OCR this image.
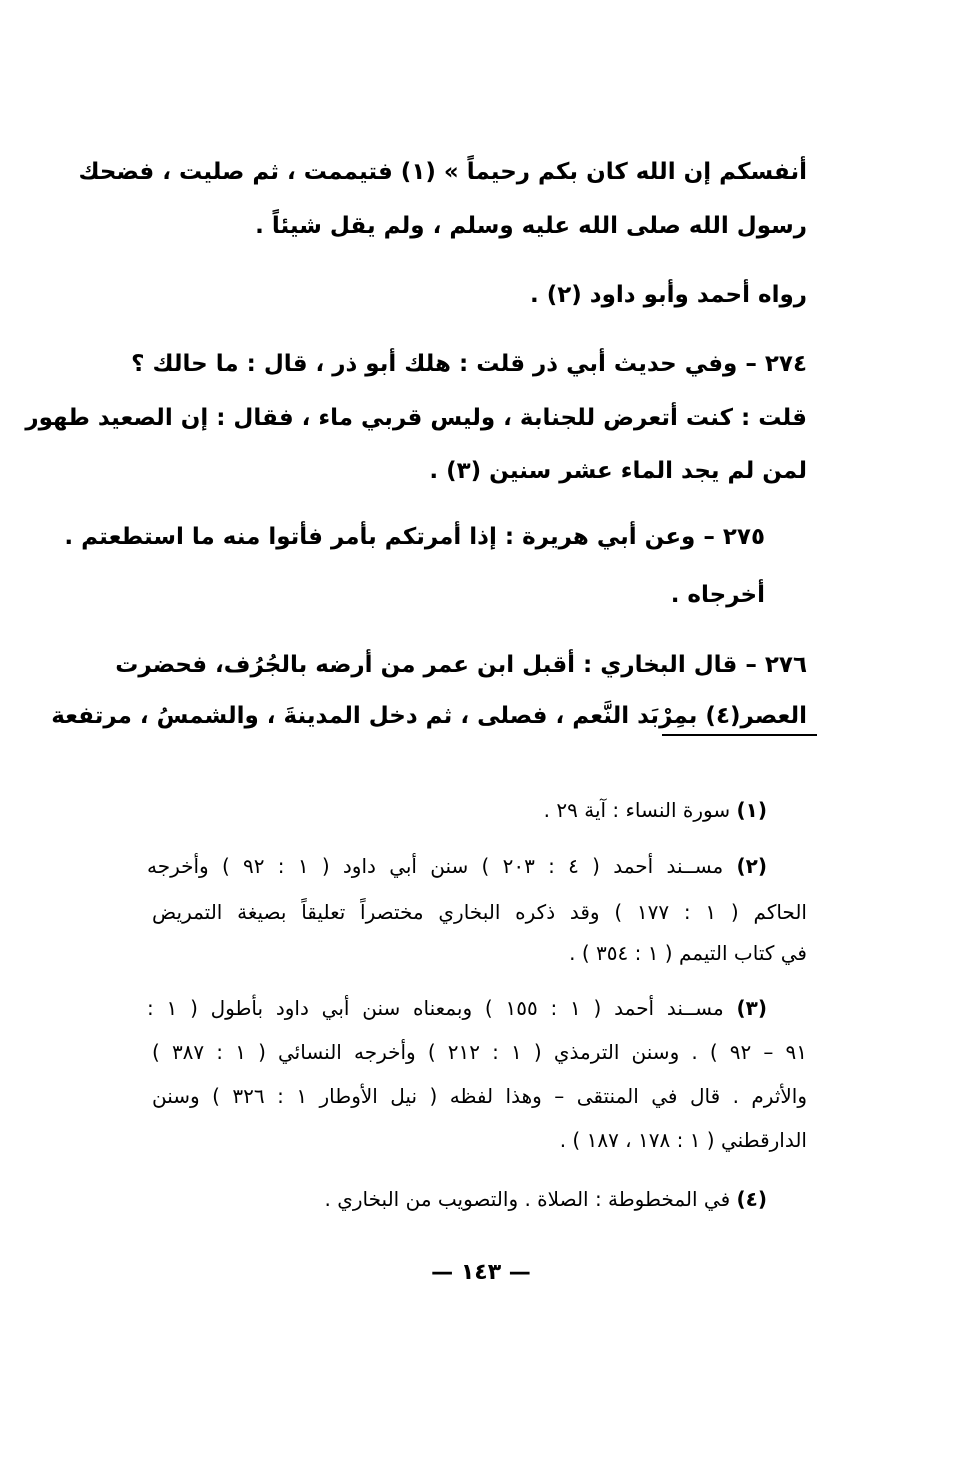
أنفسكم إن الله كان بكم رحيماً » (١) فتيممت ، ثم صليت ، فضحك
رسول الله صلى الله عليه وسلم ، ولم يقل شيئاً .
رواه أحمد وأبو داود (٢) .
٢٧٤ – وفي حديث أبي ذر قلت : هلك أبو ذر ، قال : ما حالك ؟
قلت : كنت أتعرض للجنابة ، وليس قربي ماء ، فقال : إن الصعيد طهور
لمن لم يجد الماء عشر سنين (٣) .
٢٧٥ – وعن أبي هريرة : إذا أمرتكم بأمر فأتوا منه ما استطعتم .
أخرجاه .
٢٧٦ – قال البخاري : أقبل ابن عمر من أرضه بالجُرُف، فحضرت
العصر(٤) بمِرْبَد النَّعم ، فصلى ، ثم دخل المدينةَ ، والشمسُ ، مرتفعة
(١) سورة النساء : آية ٢٩ .
(٢) مســند أحمد ( ٤ : ٢٠٣ ) سنن أبي داود ( ١ : ٩٢ ) وأخرجه
الحاكم ( ١ : ١٧٧ ) وقد ذكره البخاري مختصراً تعليقاً بصيغة التمريض
في كتاب التيمم ( ١ : ٣٥٤ ) .
(٣) مســند أحمد ( ١ : ١٥٥ ) وبمعناه سنن أبي داود بأطول ( ١ :
٩١ – ٩٢ ) . وسنن الترمذي ( ١ : ٢١٢ ) وأخرجه النسائي ( ١ : ٣٨٧ )
والأثرم . قال في المنتقى – وهذا لفظه ( نيل الأوطار ١ : ٣٢٦ ) وسنن
الدارقطني ( ١ : ١٧٨ ، ١٨٧ ) .
(٤) في المخطوطة : الصلاة . والتصويب من البخاري .
— ١٤٣ —
